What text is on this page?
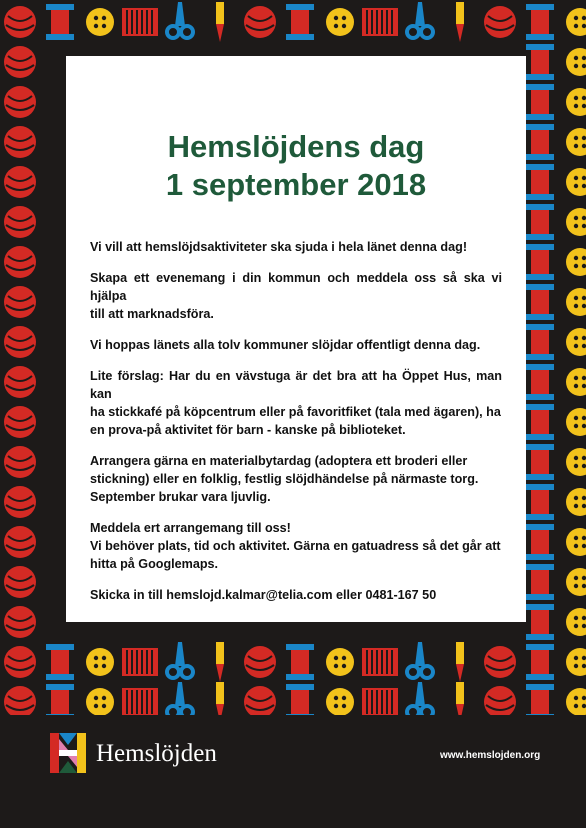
Hemslöjdens dag
1 september 2018
Vi vill att hemslöjdsaktiviteter ska sjuda i hela länet denna dag!
Skapa ett evenemang i din kommun och meddela oss så ska vi hjälpa
till att marknadsföra.
Vi hoppas länets alla tolv kommuner slöjdar offentligt denna dag.
Lite förslag: Har du en vävstuga är det bra att ha Öppet Hus, man kan
ha stickkafé på köpcentrum eller på favoritfiket (tala med ägaren), ha
en prova-på aktivitet för barn - kanske på biblioteket.
Arrangera gärna en materialbytardag (adoptera ett broderi eller
stickning) eller en folklig, festlig slöjdhändelse på närmaste torg.
September brukar vara ljuvlig.
Meddela ert arrangemang till oss!
Vi behöver plats, tid och aktivitet. Gärna en gatuadress så det går att
hitta på Googlemaps.
Skicka in till hemslojd.kalmar@telia.com eller 0481-167 50
Hemslöjden	www.hemslojden.org
